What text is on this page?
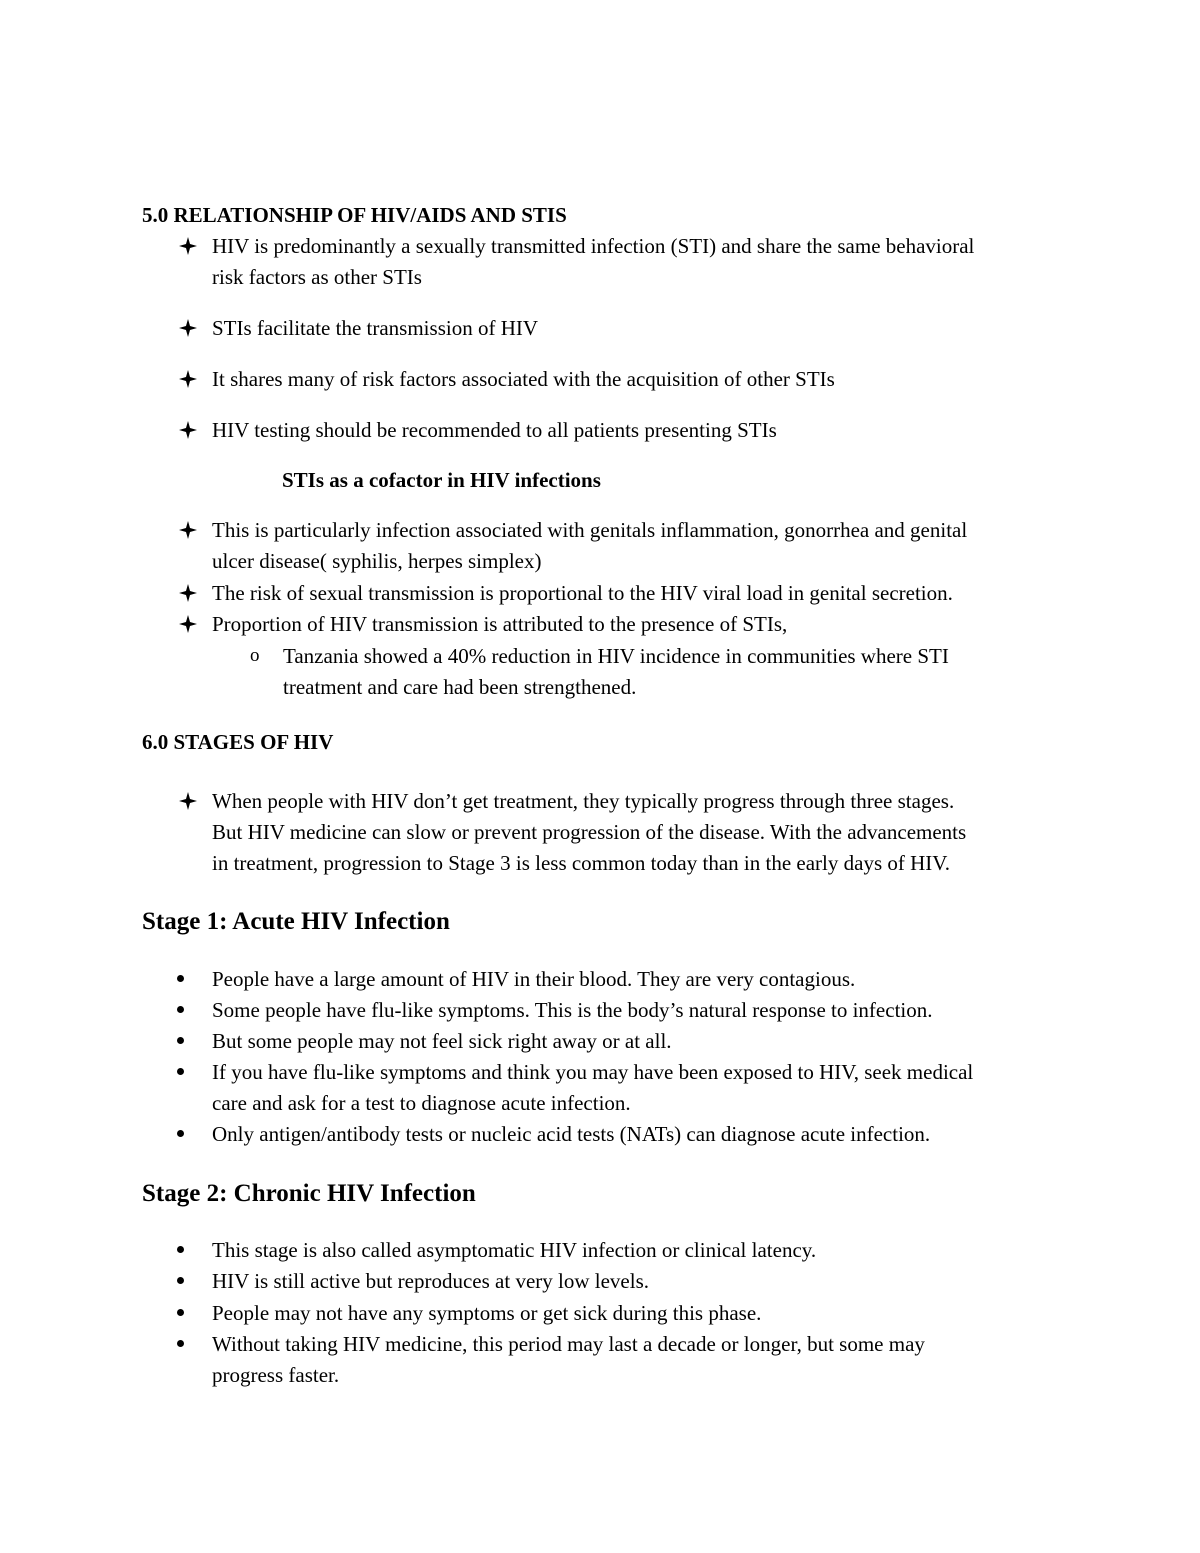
5.0 RELATIONSHIP OF HIV/AIDS AND STIS
HIV is predominantly a sexually transmitted infection (STI) and share the same behavioral
risk factors as other STIs
STIs facilitate the transmission of HIV
It shares many of risk factors associated with the acquisition of other STIs
HIV testing should be recommended to all patients presenting STIs
STIs as a cofactor in HIV infections
This is particularly infection associated with genitals inflammation, gonorrhea and genital
ulcer disease( syphilis, herpes simplex)
The risk of sexual transmission is proportional to the HIV viral load in genital secretion.
Proportion of HIV transmission is attributed to the presence of STIs,
o Tanzania showed a 40% reduction in HIV incidence in communities where STI
treatment and care had been strengthened.
6.0 STAGES OF HIV
When people with HIV don’t get treatment, they typically progress through three stages.
But HIV medicine can slow or prevent progression of the disease. With the advancements
in treatment, progression to Stage 3 is less common today than in the early days of HIV.
Stage 1: Acute HIV Infection
People have a large amount of HIV in their blood. They are very contagious.
Some people have flu-like symptoms. This is the body’s natural response to infection.
But some people may not feel sick right away or at all.
If you have flu-like symptoms and think you may have been exposed to HIV, seek medical
care and ask for a test to diagnose acute infection.
Only antigen/antibody tests or nucleic acid tests (NATs) can diagnose acute infection.
Stage 2: Chronic HIV Infection
This stage is also called asymptomatic HIV infection or clinical latency.
HIV is still active but reproduces at very low levels.
People may not have any symptoms or get sick during this phase.
Without taking HIV medicine, this period may last a decade or longer, but some may
progress faster.
